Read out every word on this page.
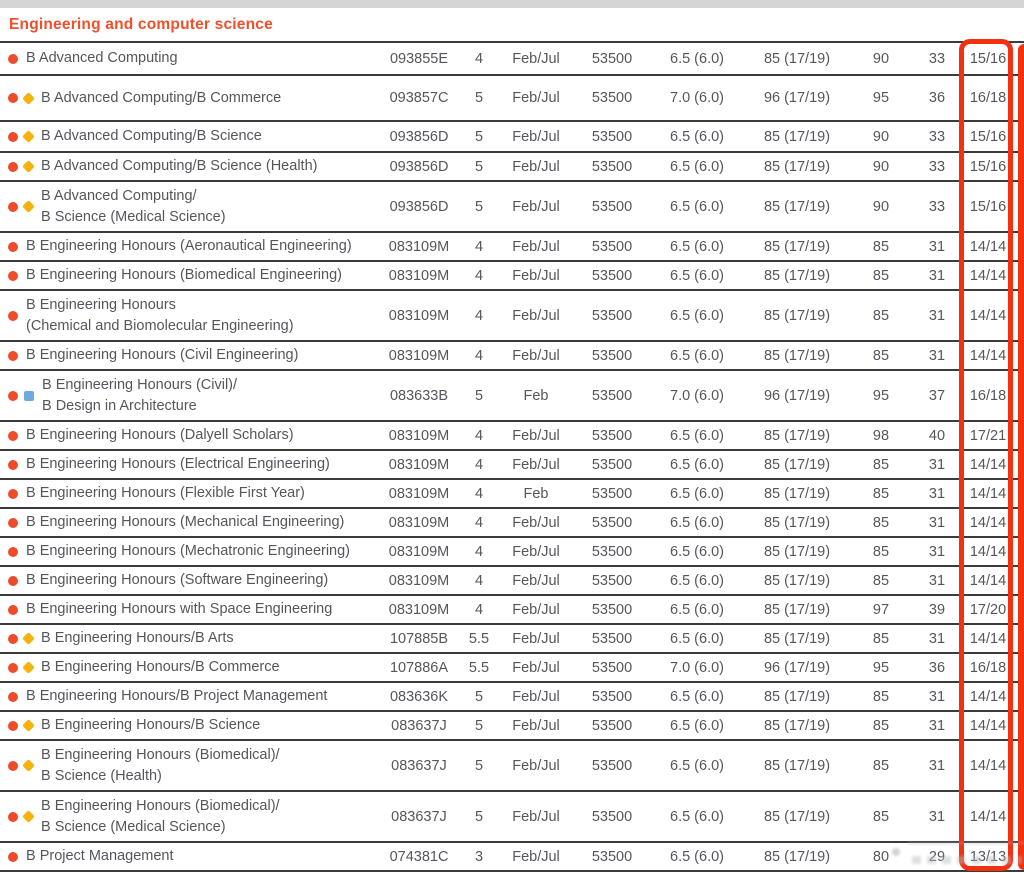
Engineering and computer science
B Advanced Computing	093855E	4	Feb/Jul	53500	6.5 (6.0)	85 (17/19)	90	33	15/16
B Advanced Computing/B Commerce	093857C	5	Feb/Jul	53500	7.0 (6.0)	96 (17/19)	95	36	16/18
B Advanced Computing/B Science	093856D	5	Feb/Jul	53500	6.5 (6.0)	85 (17/19)	90	33	15/16
B Advanced Computing/B Science (Health)	093856D	5	Feb/Jul	53500	6.5 (6.0)	85 (17/19)	90	33	15/16
B Advanced Computing/
B Science (Medical Science)
093856D	5	Feb/Jul	53500	6.5 (6.0)	85 (17/19)	90	33	15/16
B Engineering Honours (Aeronautical Engineering)	083109M	4	Feb/Jul	53500	6.5 (6.0)	85 (17/19)	85	31	14/14
B Engineering Honours (Biomedical Engineering)	083109M	4	Feb/Jul	53500	6.5 (6.0)	85 (17/19)	85	31	14/14
B Engineering Honours
(Chemical and Biomolecular Engineering)
083109M	4	Feb/Jul	53500	6.5 (6.0)	85 (17/19)	85	31	14/14
B Engineering Honours (Civil Engineering)	083109M	4	Feb/Jul	53500	6.5 (6.0)	85 (17/19)	85	31	14/14
B Engineering Honours (Civil)/
B Design in Architecture
083633B	5	Feb	53500	7.0 (6.0)	96 (17/19)	95	37	16/18
B Engineering Honours (Dalyell Scholars)	083109M	4	Feb/Jul	53500	6.5 (6.0)	85 (17/19)	98	40	17/21
B Engineering Honours (Electrical Engineering)	083109M	4	Feb/Jul	53500	6.5 (6.0)	85 (17/19)	85	31	14/14
B Engineering Honours (Flexible First Year)	083109M	4	Feb	53500	6.5 (6.0)	85 (17/19)	85	31	14/14
B Engineering Honours (Mechanical Engineering)	083109M	4	Feb/Jul	53500	6.5 (6.0)	85 (17/19)	85	31	14/14
B Engineering Honours (Mechatronic Engineering)	083109M	4	Feb/Jul	53500	6.5 (6.0)	85 (17/19)	85	31	14/14
B Engineering Honours (Software Engineering)	083109M	4	Feb/Jul	53500	6.5 (6.0)	85 (17/19)	85	31	14/14
B Engineering Honours with Space Engineering	083109M	4	Feb/Jul	53500	6.5 (6.0)	85 (17/19)	97	39	17/20
B Engineering Honours/B Arts	107885B	5.5	Feb/Jul	53500	6.5 (6.0)	85 (17/19)	85	31	14/14
B Engineering Honours/B Commerce	107886A	5.5	Feb/Jul	53500	7.0 (6.0)	96 (17/19)	95	36	16/18
B Engineering Honours/B Project Management	083636K	5	Feb/Jul	53500	6.5 (6.0)	85 (17/19)	85	31	14/14
B Engineering Honours/B Science	083637J	5	Feb/Jul	53500	6.5 (6.0)	85 (17/19)	85	31	14/14
B Engineering Honours (Biomedical)/
B Science (Health)
083637J	5	Feb/Jul	53500	6.5 (6.0)	85 (17/19)	85	31	14/14
B Engineering Honours (Biomedical)/
B Science (Medical Science)
083637J	5	Feb/Jul	53500	6.5 (6.0)	85 (17/19)	85	31	14/14
B Project Management	074381C	3	Feb/Jul	53500	6.5 (6.0)	85 (17/19)	80	29	13/13
